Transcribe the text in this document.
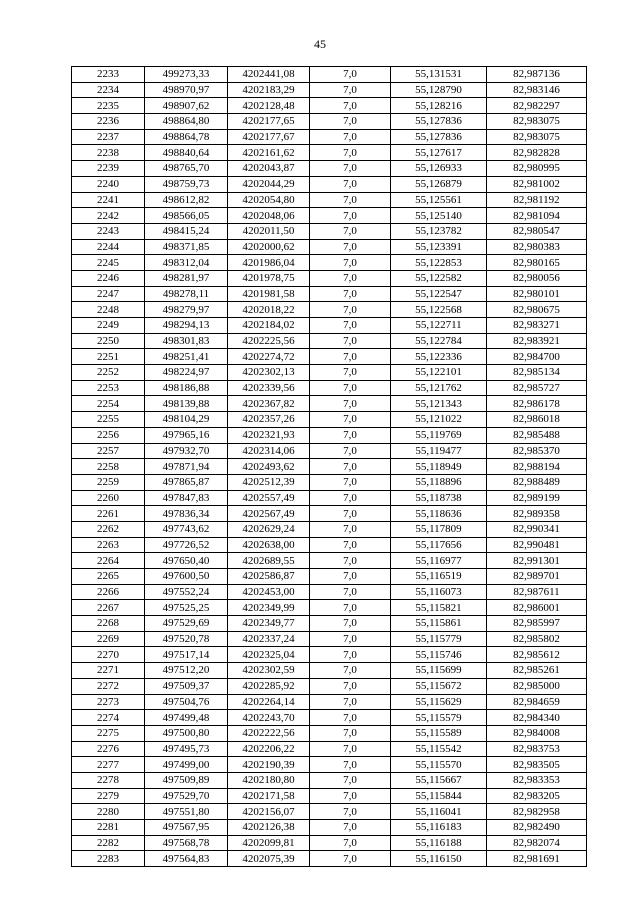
45
2233	499273,33	4202441,08	7,0	55,131531	82,987136
2234	498970,97	4202183,29	7,0	55,128790	82,983146
2235	498907,62	4202128,48	7,0	55,128216	82,982297
2236	498864,80	4202177,65	7,0	55,127836	82,983075
2237	498864,78	4202177,67	7,0	55,127836	82,983075
2238	498840,64	4202161,62	7,0	55,127617	82,982828
2239	498765,70	4202043,87	7,0	55,126933	82,980995
2240	498759,73	4202044,29	7,0	55,126879	82,981002
2241	498612,82	4202054,80	7,0	55,125561	82,981192
2242	498566,05	4202048,06	7,0	55,125140	82,981094
2243	498415,24	4202011,50	7,0	55,123782	82,980547
2244	498371,85	4202000,62	7,0	55,123391	82,980383
2245	498312,04	4201986,04	7,0	55,122853	82,980165
2246	498281,97	4201978,75	7,0	55,122582	82,980056
2247	498278,11	4201981,58	7,0	55,122547	82,980101
2248	498279,97	4202018,22	7,0	55,122568	82,980675
2249	498294,13	4202184,02	7,0	55,122711	82,983271
2250	498301,83	4202225,56	7,0	55,122784	82,983921
2251	498251,41	4202274,72	7,0	55,122336	82,984700
2252	498224,97	4202302,13	7,0	55,122101	82,985134
2253	498186,88	4202339,56	7,0	55,121762	82,985727
2254	498139,88	4202367,82	7,0	55,121343	82,986178
2255	498104,29	4202357,26	7,0	55,121022	82,986018
2256	497965,16	4202321,93	7,0	55,119769	82,985488
2257	497932,70	4202314,06	7,0	55,119477	82,985370
2258	497871,94	4202493,62	7,0	55,118949	82,988194
2259	497865,87	4202512,39	7,0	55,118896	82,988489
2260	497847,83	4202557,49	7,0	55,118738	82,989199
2261	497836,34	4202567,49	7,0	55,118636	82,989358
2262	497743,62	4202629,24	7,0	55,117809	82,990341
2263	497726,52	4202638,00	7,0	55,117656	82,990481
2264	497650,40	4202689,55	7,0	55,116977	82,991301
2265	497600,50	4202586,87	7,0	55,116519	82,989701
2266	497552,24	4202453,00	7,0	55,116073	82,987611
2267	497525,25	4202349,99	7,0	55,115821	82,986001
2268	497529,69	4202349,77	7,0	55,115861	82,985997
2269	497520,78	4202337,24	7,0	55,115779	82,985802
2270	497517,14	4202325,04	7,0	55,115746	82,985612
2271	497512,20	4202302,59	7,0	55,115699	82,985261
2272	497509,37	4202285,92	7,0	55,115672	82,985000
2273	497504,76	4202264,14	7,0	55,115629	82,984659
2274	497499,48	4202243,70	7,0	55,115579	82,984340
2275	497500,80	4202222,56	7,0	55,115589	82,984008
2276	497495,73	4202206,22	7,0	55,115542	82,983753
2277	497499,00	4202190,39	7,0	55,115570	82,983505
2278	497509,89	4202180,80	7,0	55,115667	82,983353
2279	497529,70	4202171,58	7,0	55,115844	82,983205
2280	497551,80	4202156,07	7,0	55,116041	82,982958
2281	497567,95	4202126,38	7,0	55,116183	82,982490
2282	497568,78	4202099,81	7,0	55,116188	82,982074
2283	497564,83	4202075,39	7,0	55,116150	82,981691
